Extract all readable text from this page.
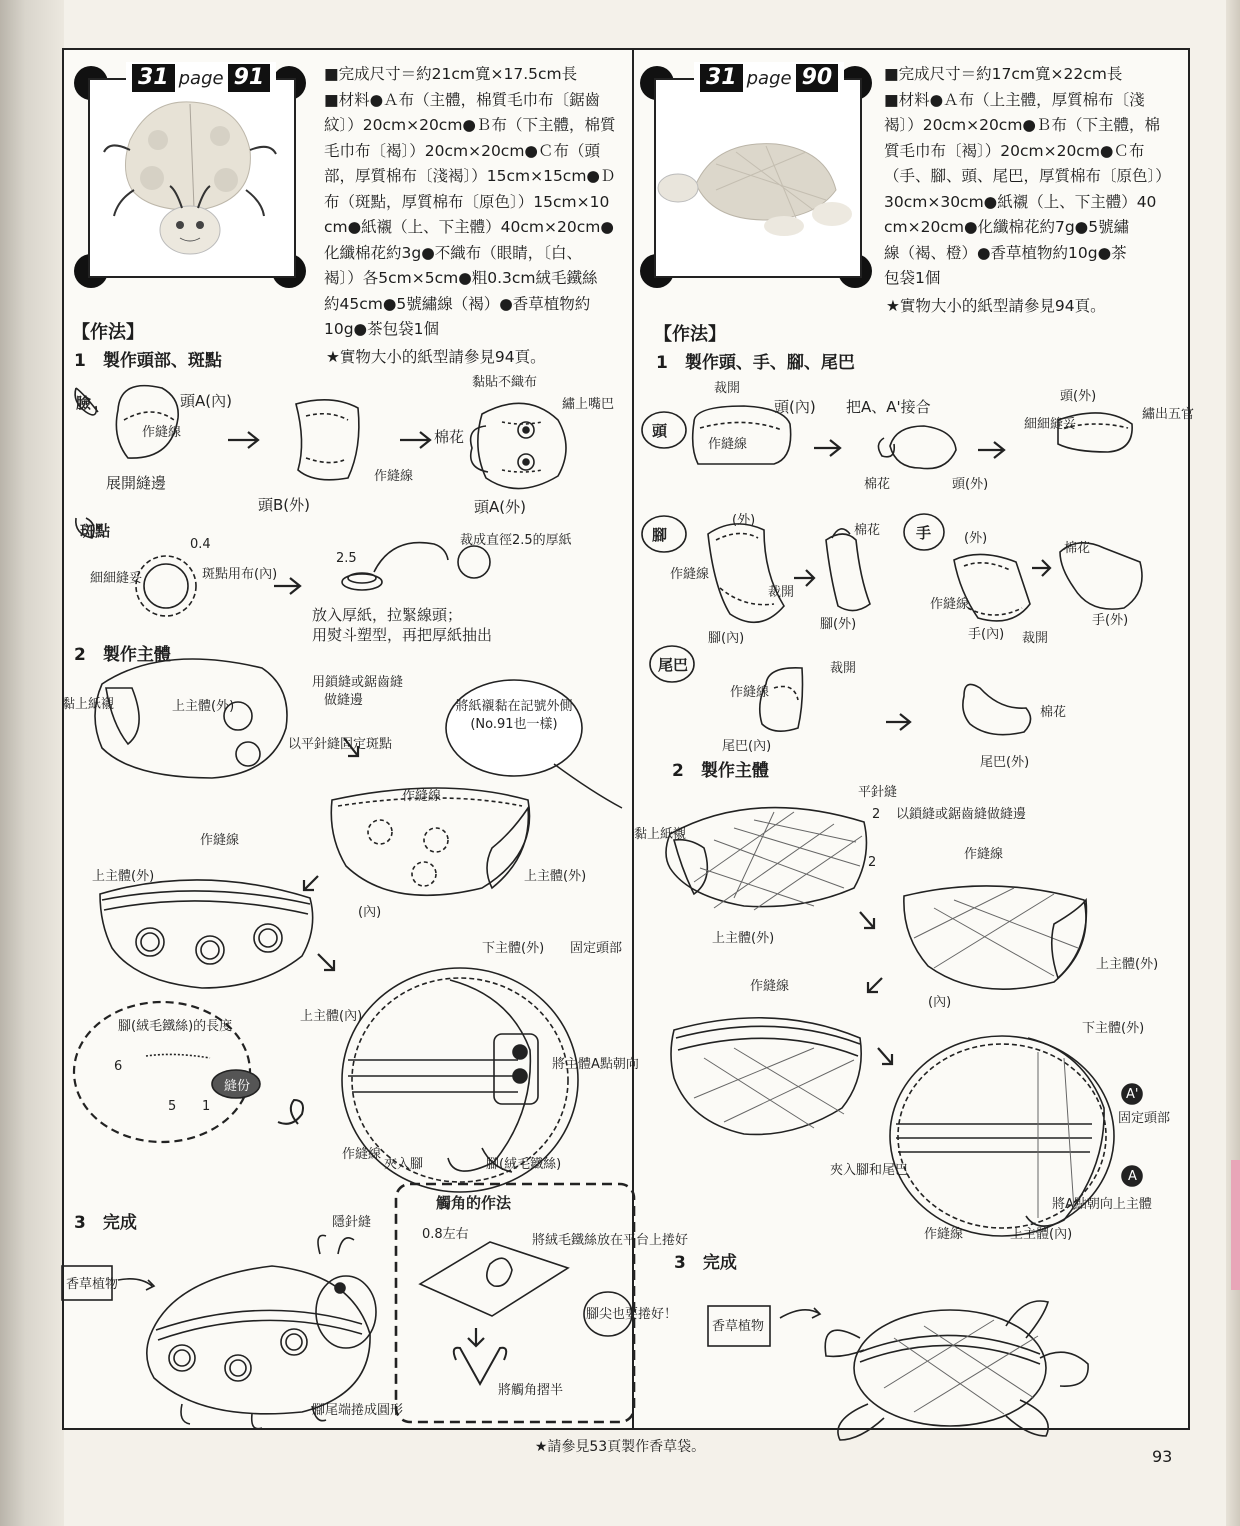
31 page 91	■完成尺寸＝約21cm寬×17.5cm長
■材料●Ａ布（主體，棉質毛巾布〔鋸齒
紋〕）20cm×20cm●Ｂ布（下主體，棉質
毛巾布〔褐〕）20cm×20cm●Ｃ布（頭
部，厚質棉布〔淺褐〕）15cm×15cm●Ｄ
布（斑點，厚質棉布〔原色〕）15cm×10
cm●紙襯（上、下主體）40cm×20cm●
化纖棉花約3g●不織布（眼睛，〔白、
褐〕）各5cm×5cm●粗0.3cm絨毛鐵絲
約45cm●5號繡線（褐）●香草植物約
10g●茶包袋1個
★實物大小的紙型請參見94頁。
【作法】
1　製作頭部、斑點
2　製作主體
3　完成
臉	頭A(內)
作縫線
展開縫邊
頭B(外)
作縫線
棉花
黏貼不織布
繡上嘴巴
頭A(外)
斑點
0.4
細細縫妥	斑點用布(內)
2.5
裁成直徑2.5的厚紙
放入厚紙，拉緊線頭；
用熨斗塑型，再把厚紙抽出
用鎖縫或鋸齒縫
做縫邊
黏上紙襯	上主體(外)
以平針縫固定斑點
作縫線
上主體(外)
(內)
上主體(外)
作縫線
下主體(外) 固定頭部
上主體(內)
腳(絨毛鐵絲)的長度
6
5 1
縫份
將主體A點朝向
作縫線
夾入腳	腳(絨毛鐵絲)
香草植物
隱針縫
觸角的作法
0.8左右	將絨毛鐵絲放在平台上捲好
腳尖也要捲好！
將觸角摺半
腳尾端捲成圓形
將紙襯黏在記號外側(No.91也一樣)
31 page 90	■完成尺寸＝約17cm寬×22cm長
■材料●Ａ布（上主體，厚質棉布〔淺
褐〕）20cm×20cm●Ｂ布（下主體，棉
質毛巾布〔褐〕）20cm×20cm●Ｃ布
（手、腳、頭、尾巴，厚質棉布〔原色〕）
30cm×30cm●紙襯（上、下主體）40
cm×20cm●化纖棉花約7g●5號繡
線（褐、橙）●香草植物約10g●茶
包袋1個
★實物大小的紙型請參見94頁。
【作法】
1　製作頭、手、腳、尾巴
2　製作主體
3　完成
頭
裁開
頭(內)
作縫線
把A、A'接合
棉花	頭(外)
細細縫妥
頭(外)
繡出五官
腳
(外)
棉花
作縫線
裁開
腳(內)
腳(外)
手	(外)
棉花
作縫線
手(內) 裁開
手(外)
尾巴
作縫線
裁開
尾巴(內)
棉花
尾巴(外)
平針縫
2 以鎖縫或鋸齒縫做縫邊
黏上紙襯
2
上主體(外)
作縫線
上主體(外)
(內)
作縫線
下主體(外)
A'
固定頭部
A
將A點朝向上主體
夾入腳和尾巴
作縫線	上主體(內)
香草植物
★請參見53頁製作香草袋。	93
